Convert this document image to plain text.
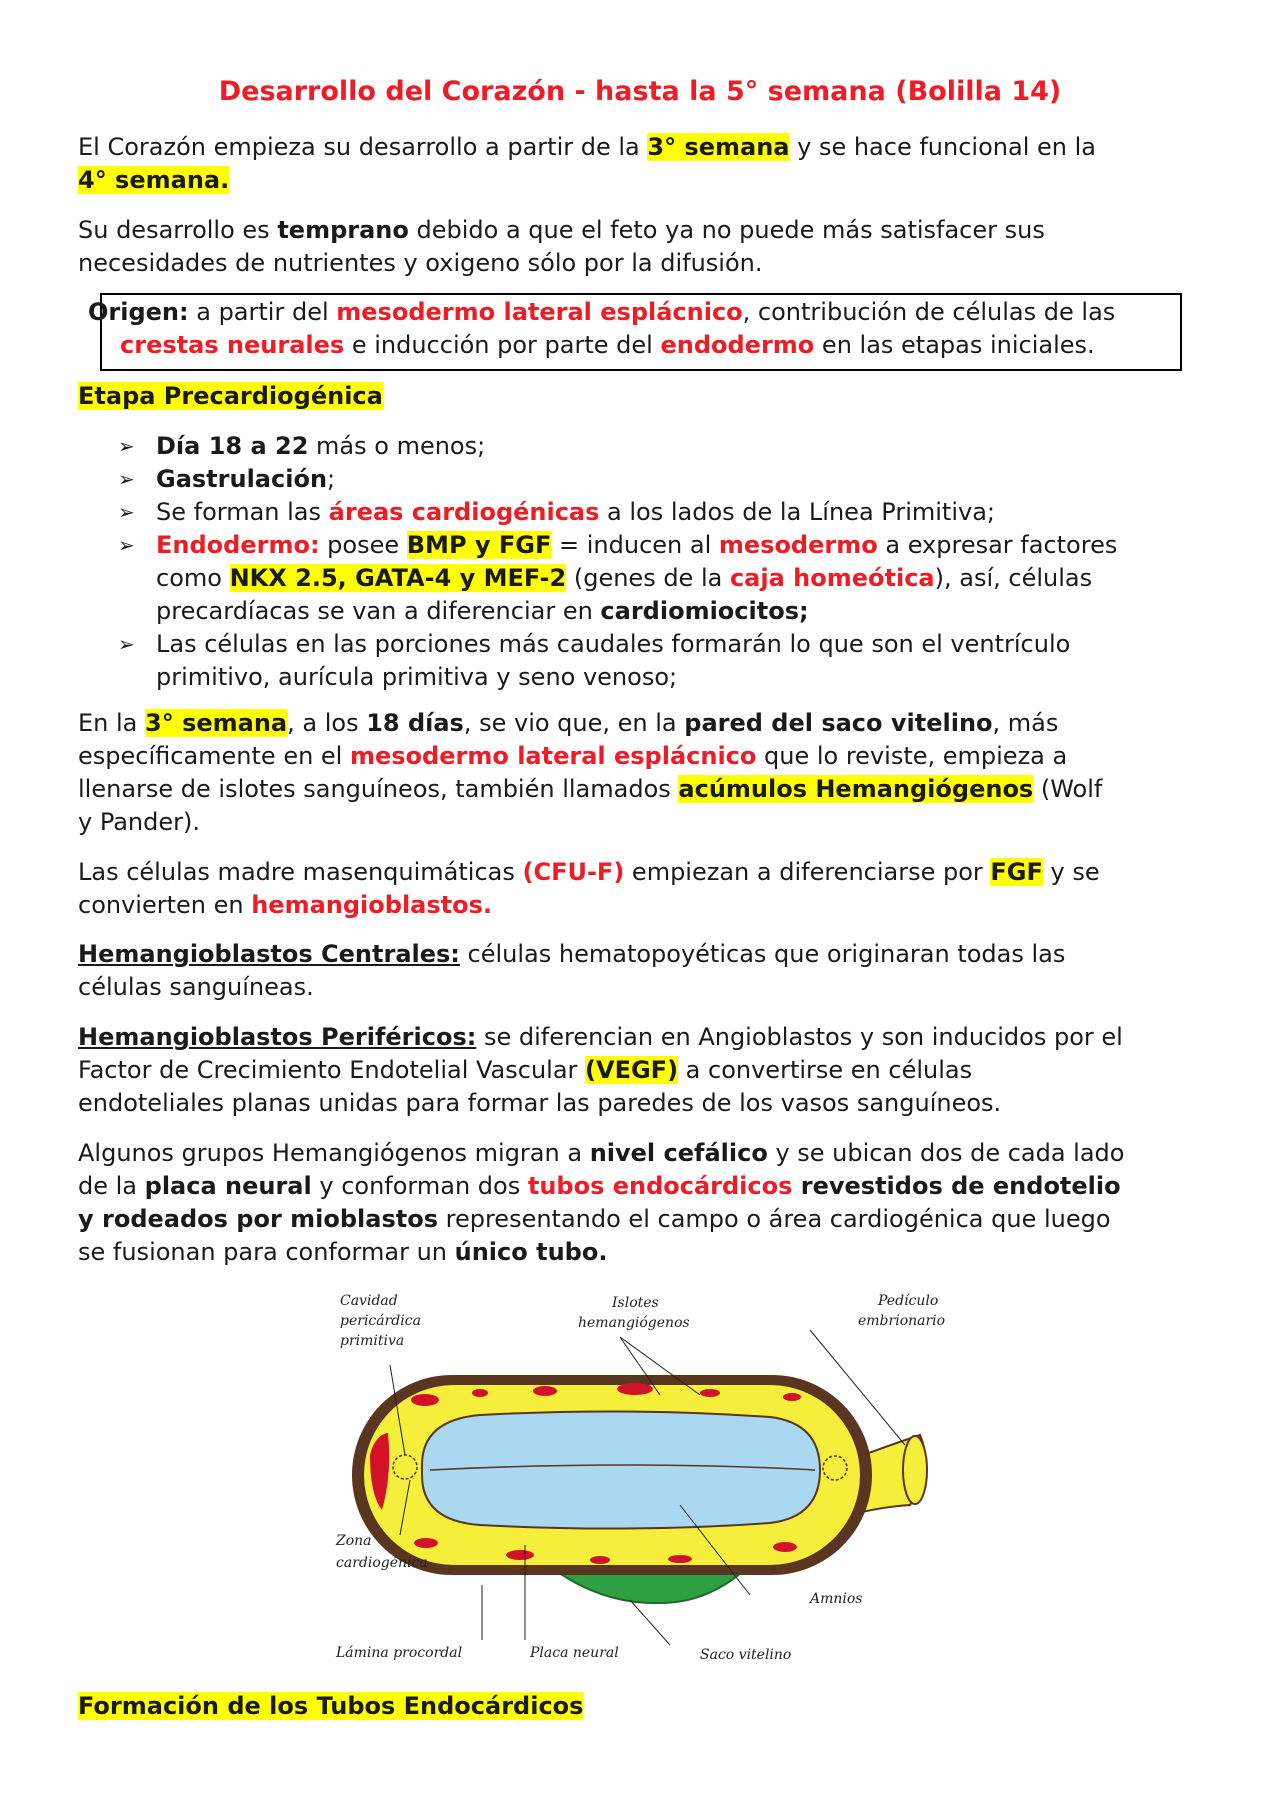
Desarrollo del Corazón - hasta la 5° semana (Bolilla 14)

El Corazón empieza su desarrollo a partir de la 3° semana y se hace funcional en la
4° semana.

Su desarrollo es temprano debido a que el feto ya no puede más satisfacer sus
necesidades de nutrientes y oxigeno sólo por la difusión.

Origen: a partir del mesodermo lateral esplácnico, contribución de células de las
crestas neurales e inducción por parte del endodermo en las etapas iniciales.

Etapa Precardiogénica

➢ Día 18 a 22 más o menos;
➢ Gastrulación;
➢ Se forman las áreas cardiogénicas a los lados de la Línea Primitiva;
➢ Endodermo: posee BMP y FGF = inducen al mesodermo a expresar factores
como NKX 2.5, GATA-4 y MEF-2 (genes de la caja homeótica), así, células
precardíacas se van a diferenciar en cardiomiocitos;
➢ Las células en las porciones más caudales formarán lo que son el ventrículo
primitivo, aurícula primitiva y seno venoso;

En la 3° semana, a los 18 días, se vio que, en la pared del saco vitelino, más
específicamente en el mesodermo lateral esplácnico que lo reviste, empieza a
llenarse de islotes sanguíneos, también llamados acúmulos Hemangiógenos (Wolf
y Pander).

Las células madre masenquimáticas (CFU-F) empiezan a diferenciarse por FGF y se
convierten en hemangioblastos.

Hemangioblastos Centrales: células hematopoyéticas que originaran todas las
células sanguíneas.

Hemangioblastos Periféricos: se diferencian en Angioblastos y son inducidos por el
Factor de Crecimiento Endotelial Vascular (VEGF) a convertirse en células
endoteliales planas unidas para formar las paredes de los vasos sanguíneos.

Algunos grupos Hemangiógenos migran a nivel cefálico y se ubican dos de cada lado
de la placa neural y conforman dos tubos endocárdicos revestidos de endotelio
y rodeados por mioblastos representando el campo o área cardiogénica que luego
se fusionan para conformar un único tubo.

Cavidad
pericárdica
primitiva
Islotes
hemangiógenos
Pedículo
embrionario
Zona
cardiogénica
Amnios
Lámina procordal	Placa neural	Saco vitelino

Formación de los Tubos Endocárdicos
